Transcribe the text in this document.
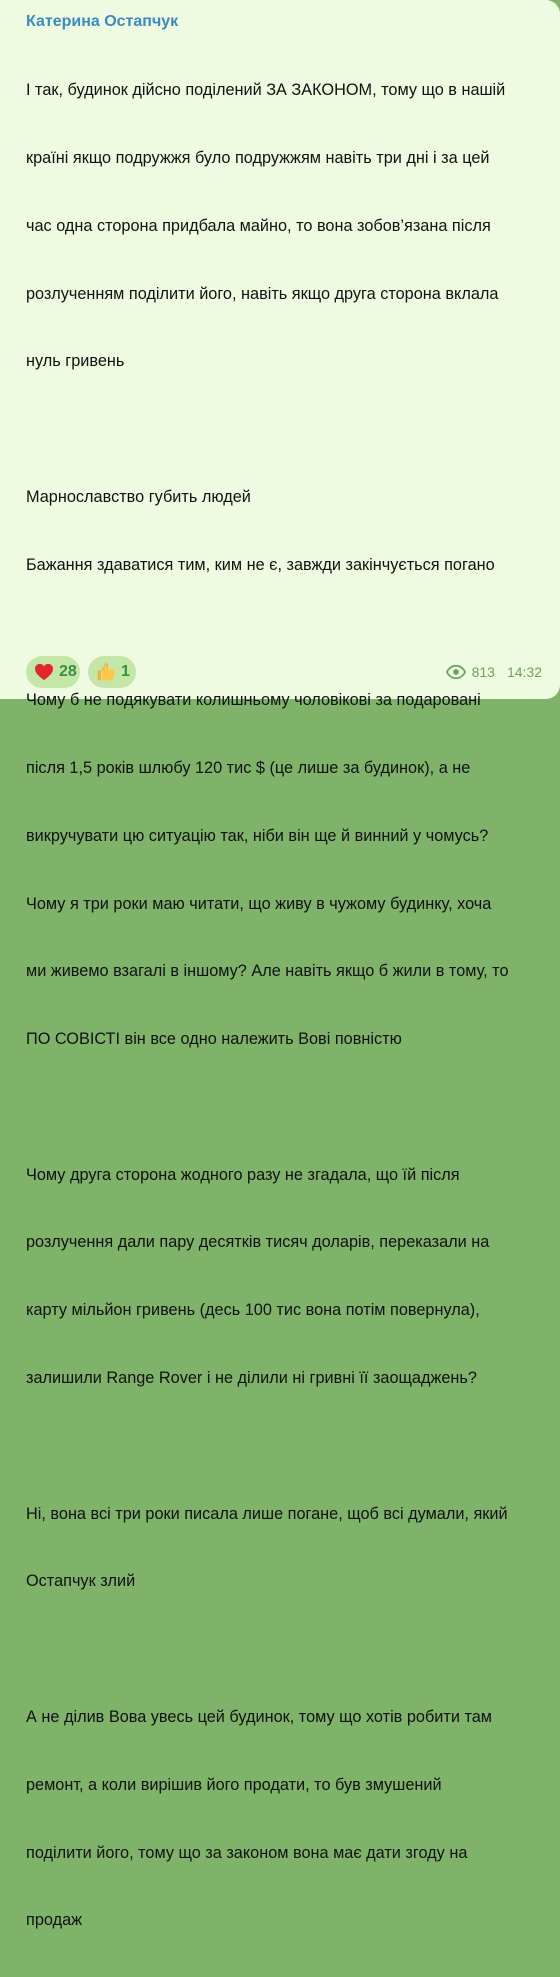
Катерина Остапчук

І так, будинок дійсно поділений ЗА ЗАКОНОМ, тому що в нашій

країні якщо подружжя було подружжям навіть три дні і за цей

час одна сторона придбала майно, то вона зобов’язана після

розлученням поділити його, навіть якщо друга сторона вклала

нуль гривень

Марнославство губить людей

Бажання здаватися тим, ким не є, завжди закінчується погано

Чому б не подякувати колишньому чоловікові за подаровані

після 1,5 років шлюбу 120 тис $ (це лише за будинок), а не

викручувати цю ситуацію так, ніби він ще й винний у чомусь?

Чому я три роки маю читати, що живу в чужому будинку, хоча

ми живемо взагалі в іншому? Але навіть якщо б жили в тому, то

ПО СОВІСТІ він все одно належить Вові повністю

Чому друга сторона жодного разу не згадала, що їй після

розлучення дали пару десятків тисяч доларів, переказали на

карту мільйон гривень (десь 100 тис вона потім повернула),

залишили Range Rover і не ділили ні гривні її заощаджень?

Ні, вона всі три роки писала лише погане, щоб всі думали, який

Остапчук злий

А не ділив Вова увесь цей будинок, тому що хотів робити там

ремонт, а коли вирішив його продати, то був змушений

поділити його, тому що за законом вона має дати згоду на

продаж

28	1	813 14:32
